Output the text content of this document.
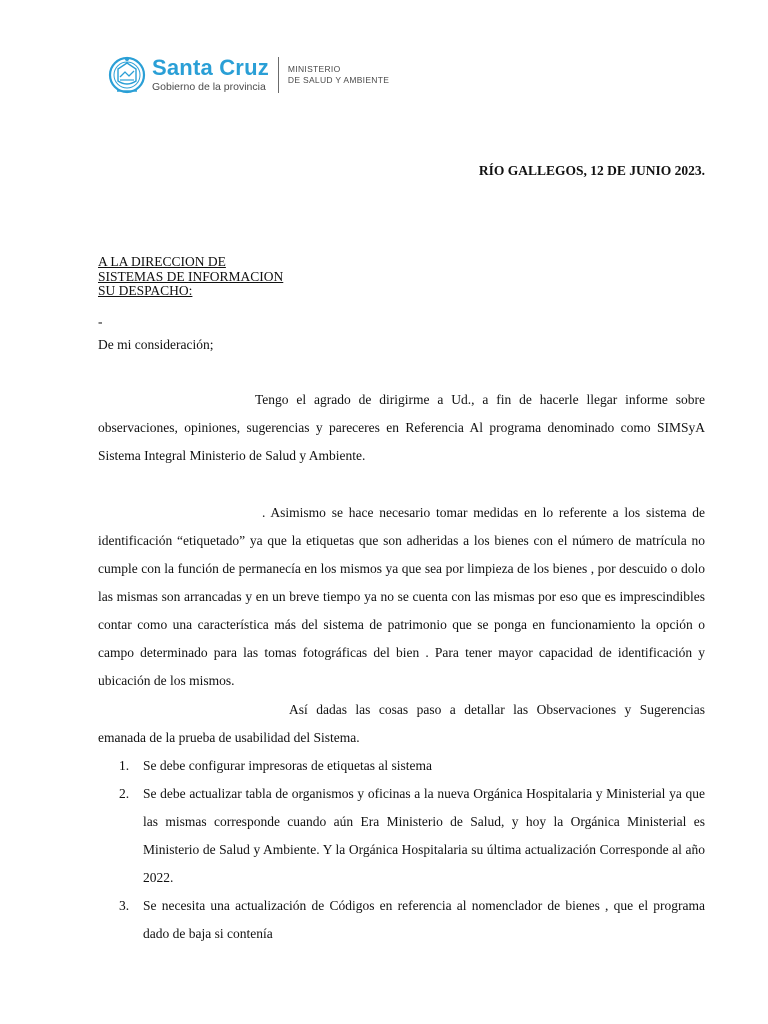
Santa Cruz
Gobierno de la provincia
MINISTERIO
DE SALUD Y AMBIENTE
RÍO GALLEGOS, 12 DE JUNIO 2023.
A LA DIRECCION DE
SISTEMAS DE INFORMACION
SU DESPACHO:
-
De mi consideración;
Tengo el agrado de dirigirme a Ud., a fin de hacerle llegar informe sobre observaciones, opiniones, sugerencias y pareceres en Referencia Al programa denominado como SIMSyA Sistema Integral Ministerio de Salud y Ambiente.
. Asimismo se hace necesario tomar medidas en lo referente a los sistema de identificación “etiquetado” ya que la etiquetas que son adheridas a los bienes con el número de matrícula no cumple con la función de permanecía en los mismos ya que sea por limpieza de los bienes , por descuido o dolo las mismas son arrancadas y en un breve tiempo ya no se cuenta con las mismas por eso que es imprescindibles contar como una característica más del sistema de patrimonio que se ponga en funcionamiento la opción o campo determinado para las tomas fotográficas del bien . Para tener mayor capacidad de identificación y ubicación de los mismos.
Así dadas las cosas paso a detallar las Observaciones y Sugerencias emanada de la prueba de usabilidad del Sistema.
1. Se debe configurar impresoras de etiquetas al sistema
2. Se debe actualizar tabla de organismos y oficinas a la nueva Orgánica Hospitalaria y Ministerial ya que las mismas corresponde cuando aún Era Ministerio de Salud, y hoy la Orgánica Ministerial es Ministerio de Salud y Ambiente. Y la Orgánica Hospitalaria su última actualización Corresponde al año 2022.
3. Se necesita una actualización de Códigos en referencia al nomenclador de bienes , que el programa dado de baja si contenía
